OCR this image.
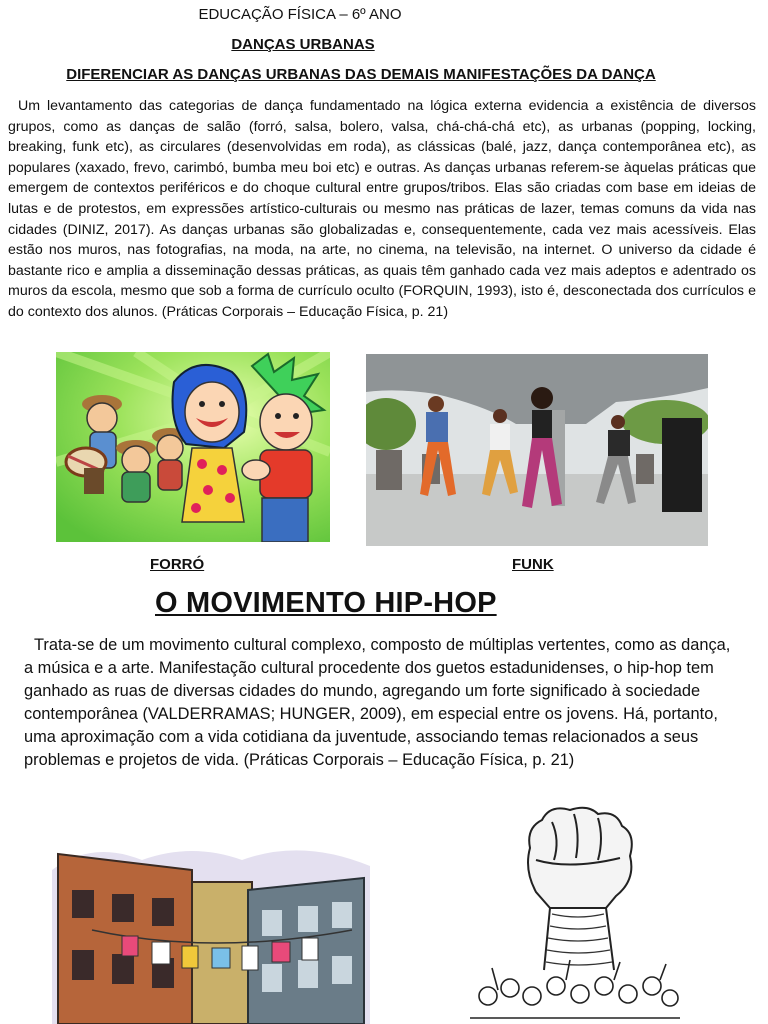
EDUCAÇÃO FÍSICA – 6º ANO
DANÇAS URBANAS
DIFERENCIAR AS DANÇAS URBANAS DAS DEMAIS MANIFESTAÇÕES DA DANÇA

Um levantamento das categorias de dança fundamentado na lógica externa evidencia a existência de diversos grupos, como as danças de salão (forró, salsa, bolero, valsa, chá-chá-chá etc), as urbanas (popping, locking, breaking, funk etc), as circulares (desenvolvidas em roda), as clássicas (balé, jazz, dança contemporânea etc), as populares (xaxado, frevo, carimbó, bumba meu boi etc) e outras. As danças urbanas referem-se àquelas práticas que emergem de contextos periféricos e do choque cultural entre grupos/tribos. Elas são criadas com base em ideias de lutas e de protestos, em expressões artístico-culturais ou mesmo nas práticas de lazer, temas comuns da vida nas cidades (DINIZ, 2017). As danças urbanas são globalizadas e, consequentemente, cada vez mais acessíveis. Elas estão nos muros, nas fotografias, na moda, na arte, no cinema, na televisão, na internet. O universo da cidade é bastante rico e amplia a disseminação dessas práticas, as quais têm ganhado cada vez mais adeptos e adentrado os muros da escola, mesmo que sob a forma de currículo oculto (FORQUIN, 1993), isto é, desconectada dos currículos e do contexto dos alunos. (Práticas Corporais – Educação Física, p. 21)

FORRÓ	FUNK
O MOVIMENTO HIP-HOP

Trata-se de um movimento cultural complexo, composto de múltiplas vertentes, como as dança, a música e a arte. Manifestação cultural procedente dos guetos estadunidenses, o hip-hop tem ganhado as ruas de diversas cidades do mundo, agregando um forte significado à sociedade contemporânea (VALDERRAMAS; HUNGER, 2009), em especial entre os jovens. Há, portanto, uma aproximação com a vida cotidiana da juventude, associando temas relacionados a seus problemas e projetos de vida. (Práticas Corporais – Educação Física, p. 21)
